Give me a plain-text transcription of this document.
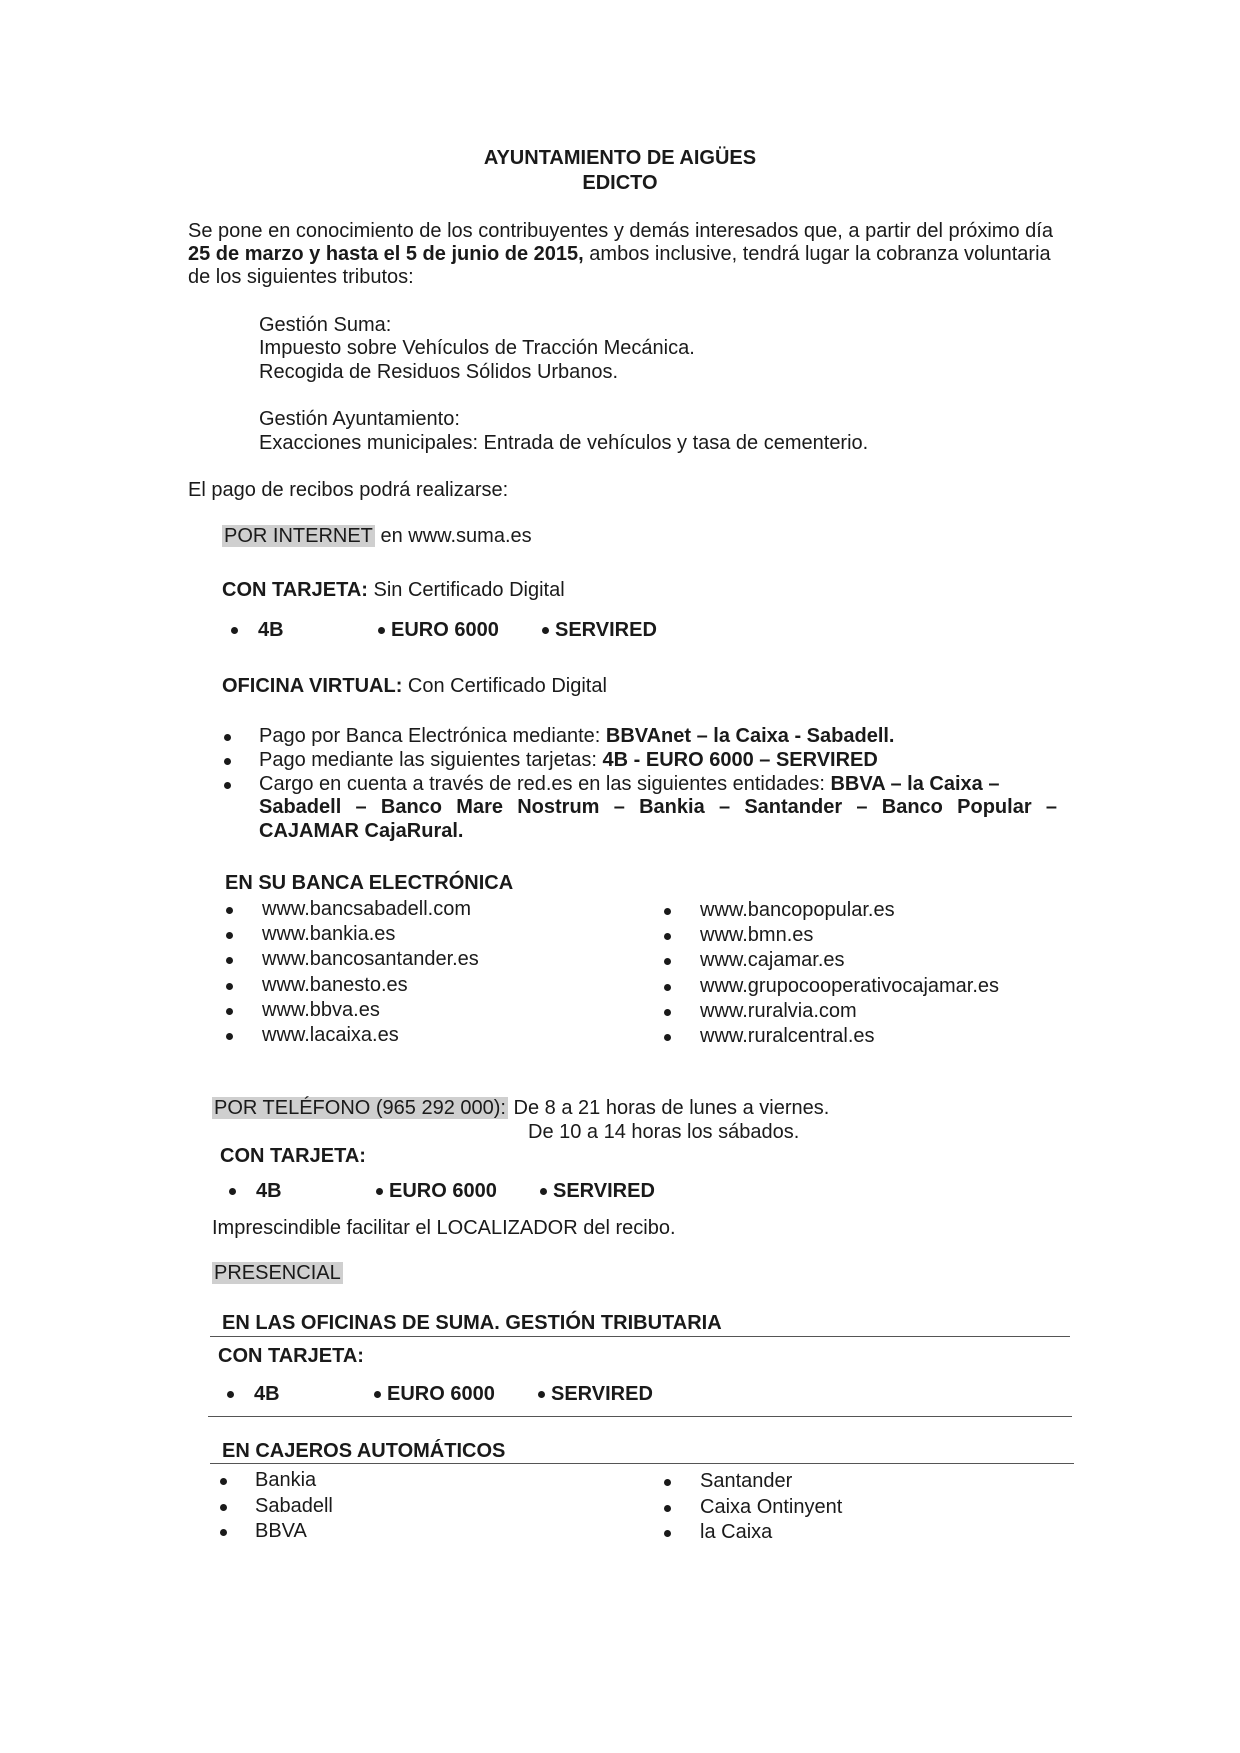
AYUNTAMIENTO DE AIGÜES
EDICTO
Se pone en conocimiento de los contribuyentes y demás interesados que, a partir del próximo día
25 de marzo y hasta el 5 de junio de 2015, ambos inclusive, tendrá lugar la cobranza voluntaria
de los siguientes tributos:
Gestión Suma:
Impuesto sobre Vehículos de Tracción Mecánica.
Recogida de Residuos Sólidos Urbanos.
Gestión Ayuntamiento:
Exacciones municipales: Entrada de vehículos y tasa de cementerio.
El pago de recibos podrá realizarse:
POR INTERNET en www.suma.es
CON TARJETA: Sin Certificado Digital
4B	EURO 6000	SERVIRED
OFICINA VIRTUAL: Con Certificado Digital
Pago por Banca Electrónica mediante: BBVAnet – la Caixa - Sabadell.
Pago mediante las siguientes tarjetas: 4B - EURO 6000 – SERVIRED
Cargo en cuenta a través de red.es en las siguientes entidades: BBVA – la Caixa –
Sabadell – Banco Mare Nostrum – Bankia – Santander – Banco Popular –
CAJAMAR CajaRural.
EN SU BANCA ELECTRÓNICA
www.bancsabadell.com
www.bankia.es
www.bancosantander.es
www.banesto.es
www.bbva.es
www.lacaixa.es
www.bancopopular.es
www.bmn.es
www.cajamar.es
www.grupocooperativocajamar.es
www.ruralvia.com
www.ruralcentral.es
POR TELÉFONO (965 292 000): De 8 a 21 horas de lunes a viernes.
De 10 a 14 horas los sábados.
CON TARJETA:
4B	EURO 6000	SERVIRED
Imprescindible facilitar el LOCALIZADOR del recibo.
PRESENCIAL
EN LAS OFICINAS DE SUMA. GESTIÓN TRIBUTARIA
CON TARJETA:
4B	EURO 6000	SERVIRED
EN CAJEROS AUTOMÁTICOS
Bankia
Sabadell
BBVA
Santander
Caixa Ontinyent
la Caixa
